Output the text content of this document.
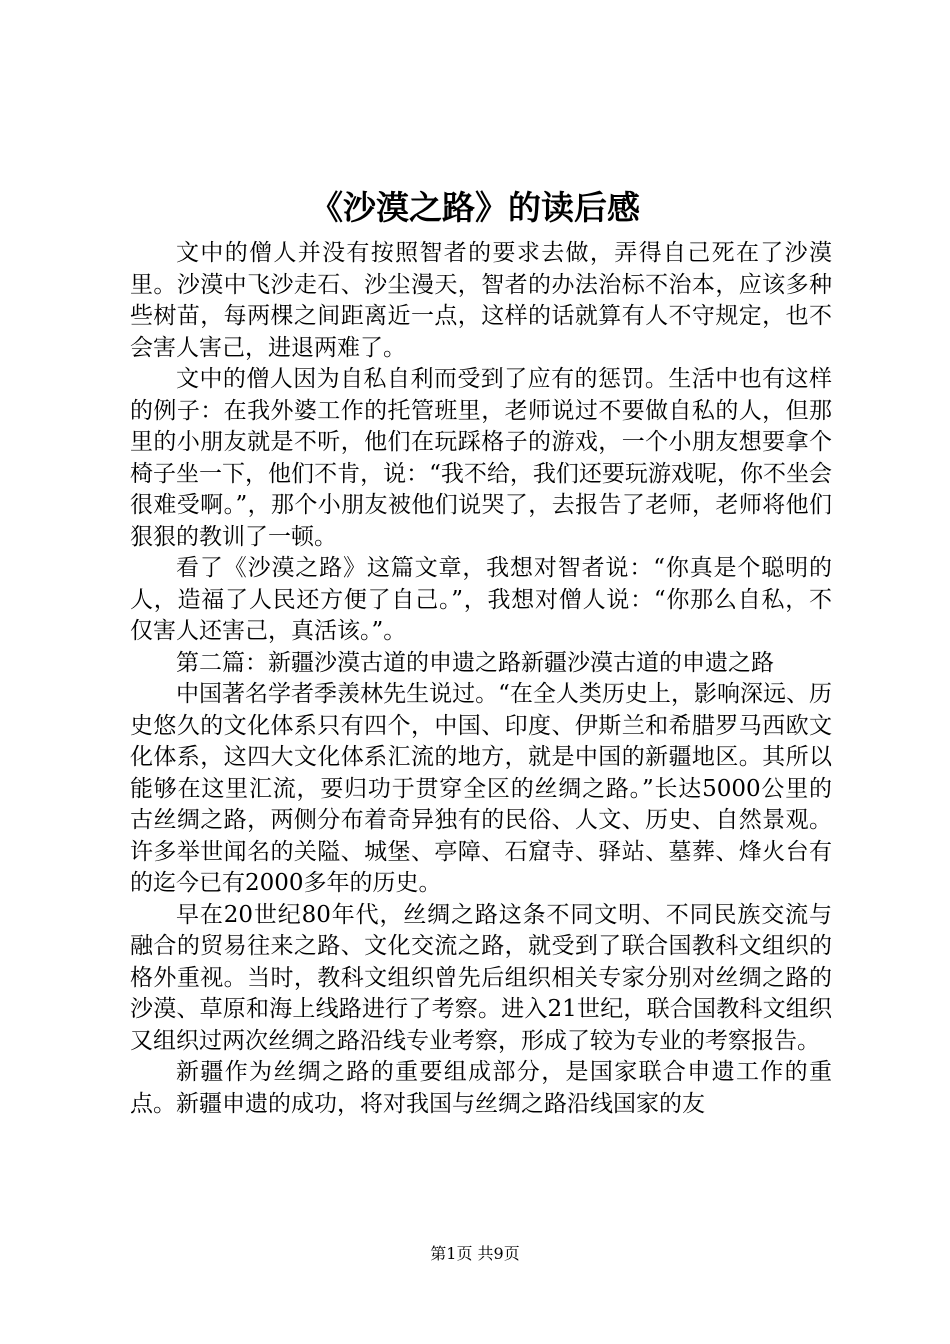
《沙漠之路》的读后感

文中的僧人并没有按照智者的要求去做，弄得自己死在了沙漠里。沙漠中飞沙走石、沙尘漫天，智者的办法治标不治本，应该多种些树苗，每两棵之间距离近一点，这样的话就算有人不守规定，也不会害人害己，进退两难了。

文中的僧人因为自私自利而受到了应有的惩罚。生活中也有这样的例子：在我外婆工作的托管班里，老师说过不要做自私的人，但那里的小朋友就是不听，他们在玩踩格子的游戏，一个小朋友想要拿个椅子坐一下，他们不肯，说：“我不给，我们还要玩游戏呢，你不坐会很难受啊。”，那个小朋友被他们说哭了，去报告了老师，老师将他们狠狠的教训了一顿。

看了《沙漠之路》这篇文章，我想对智者说：“你真是个聪明的人，造福了人民还方便了自己。”，我想对僧人说：“你那么自私，不仅害人还害己，真活该。”。

第二篇：新疆沙漠古道的申遗之路新疆沙漠古道的申遗之路

中国著名学者季羡林先生说过。“在全人类历史上，影响深远、历史悠久的文化体系只有四个，中国、印度、伊斯兰和希腊罗马西欧文化体系，这四大文化体系汇流的地方，就是中国的新疆地区。其所以能够在这里汇流，要归功于贯穿全区的丝绸之路。”长达5000公里的古丝绸之路，两侧分布着奇异独有的民俗、人文、历史、自然景观。许多举世闻名的关隘、城堡、亭障、石窟寺、驿站、墓葬、烽火台有的迄今已有2000多年的历史。

早在20世纪80年代，丝绸之路这条不同文明、不同民族交流与融合的贸易往来之路、文化交流之路，就受到了联合国教科文组织的格外重视。当时，教科文组织曾先后组织相关专家分别对丝绸之路的沙漠、草原和海上线路进行了考察。进入21世纪，联合国教科文组织又组织过两次丝绸之路沿线专业考察，形成了较为专业的考察报告。

新疆作为丝绸之路的重要组成部分，是国家联合申遗工作的重点。新疆申遗的成功，将对我国与丝绸之路沿线国家的友

第1页 共9页
